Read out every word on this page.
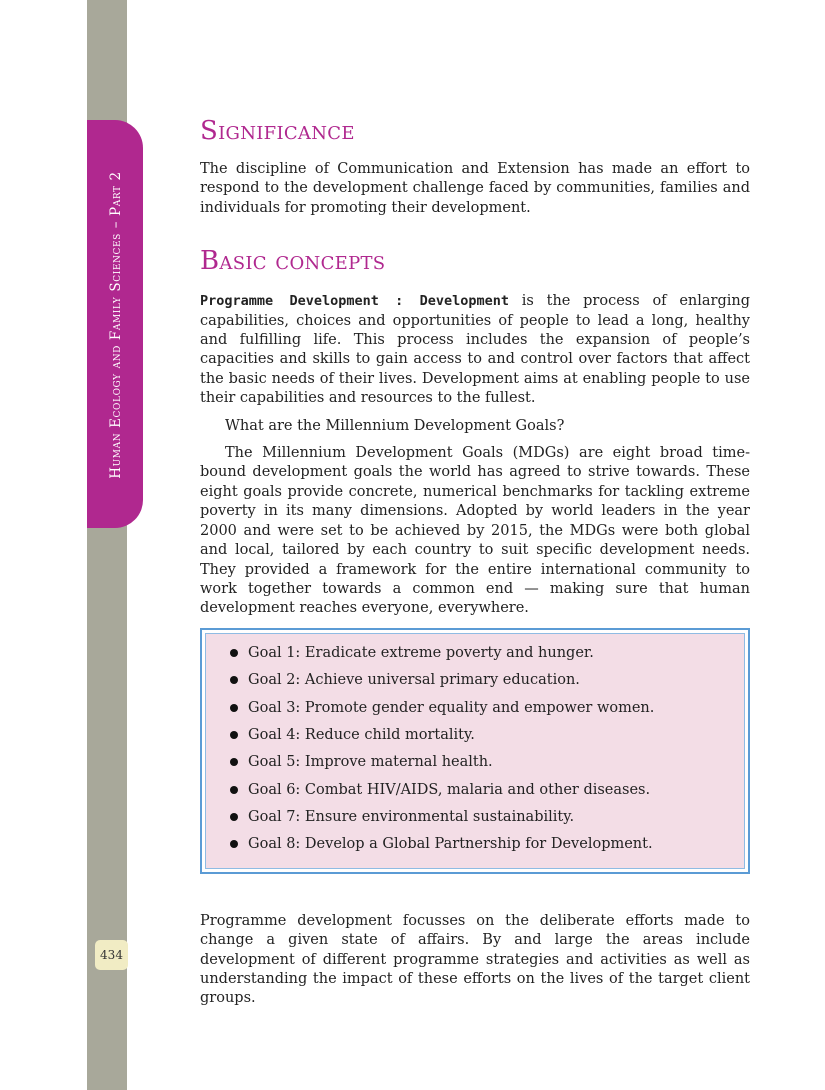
Human Ecology and Family Sciences – Part 2
434
Significance

The discipline of Communication and Extension has made an effort to respond to the development challenge faced by communities, families and individuals for promoting their development.

Basic concepts

Programme Development : Development is the process of enlarging capabilities, choices and opportunities of people to lead a long, healthy and fulfilling life. This process includes the expansion of people’s capacities and skills to gain access to and control over factors that affect the basic needs of their lives. Development aims at enabling people to use their capabilities and resources to the fullest.

What are the Millennium Development Goals?

The Millennium Development Goals (MDGs) are eight broad time-bound development goals the world has agreed to strive towards. These eight goals provide concrete, numerical benchmarks for tackling extreme poverty in its many dimensions. Adopted by world leaders in the year 2000 and were set to be achieved by 2015, the MDGs were both global and local, tailored by each country to suit specific development needs. They provided a framework for the entire international community to work together towards a common end — making sure that human development reaches everyone, everywhere.

Goal 1: Eradicate extreme poverty and hunger.
Goal 2: Achieve universal primary education.
Goal 3: Promote gender equality and empower women.
Goal 4: Reduce child mortality.
Goal 5: Improve maternal health.
Goal 6: Combat HIV/AIDS, malaria and other diseases.
Goal 7: Ensure environmental sustainability.
Goal 8: Develop a Global Partnership for Development.

Programme development focusses on the deliberate efforts made to change a given state of affairs. By and large the areas include development of different programme strategies and activities as well as understanding the impact of these efforts on the lives of the target client groups.
